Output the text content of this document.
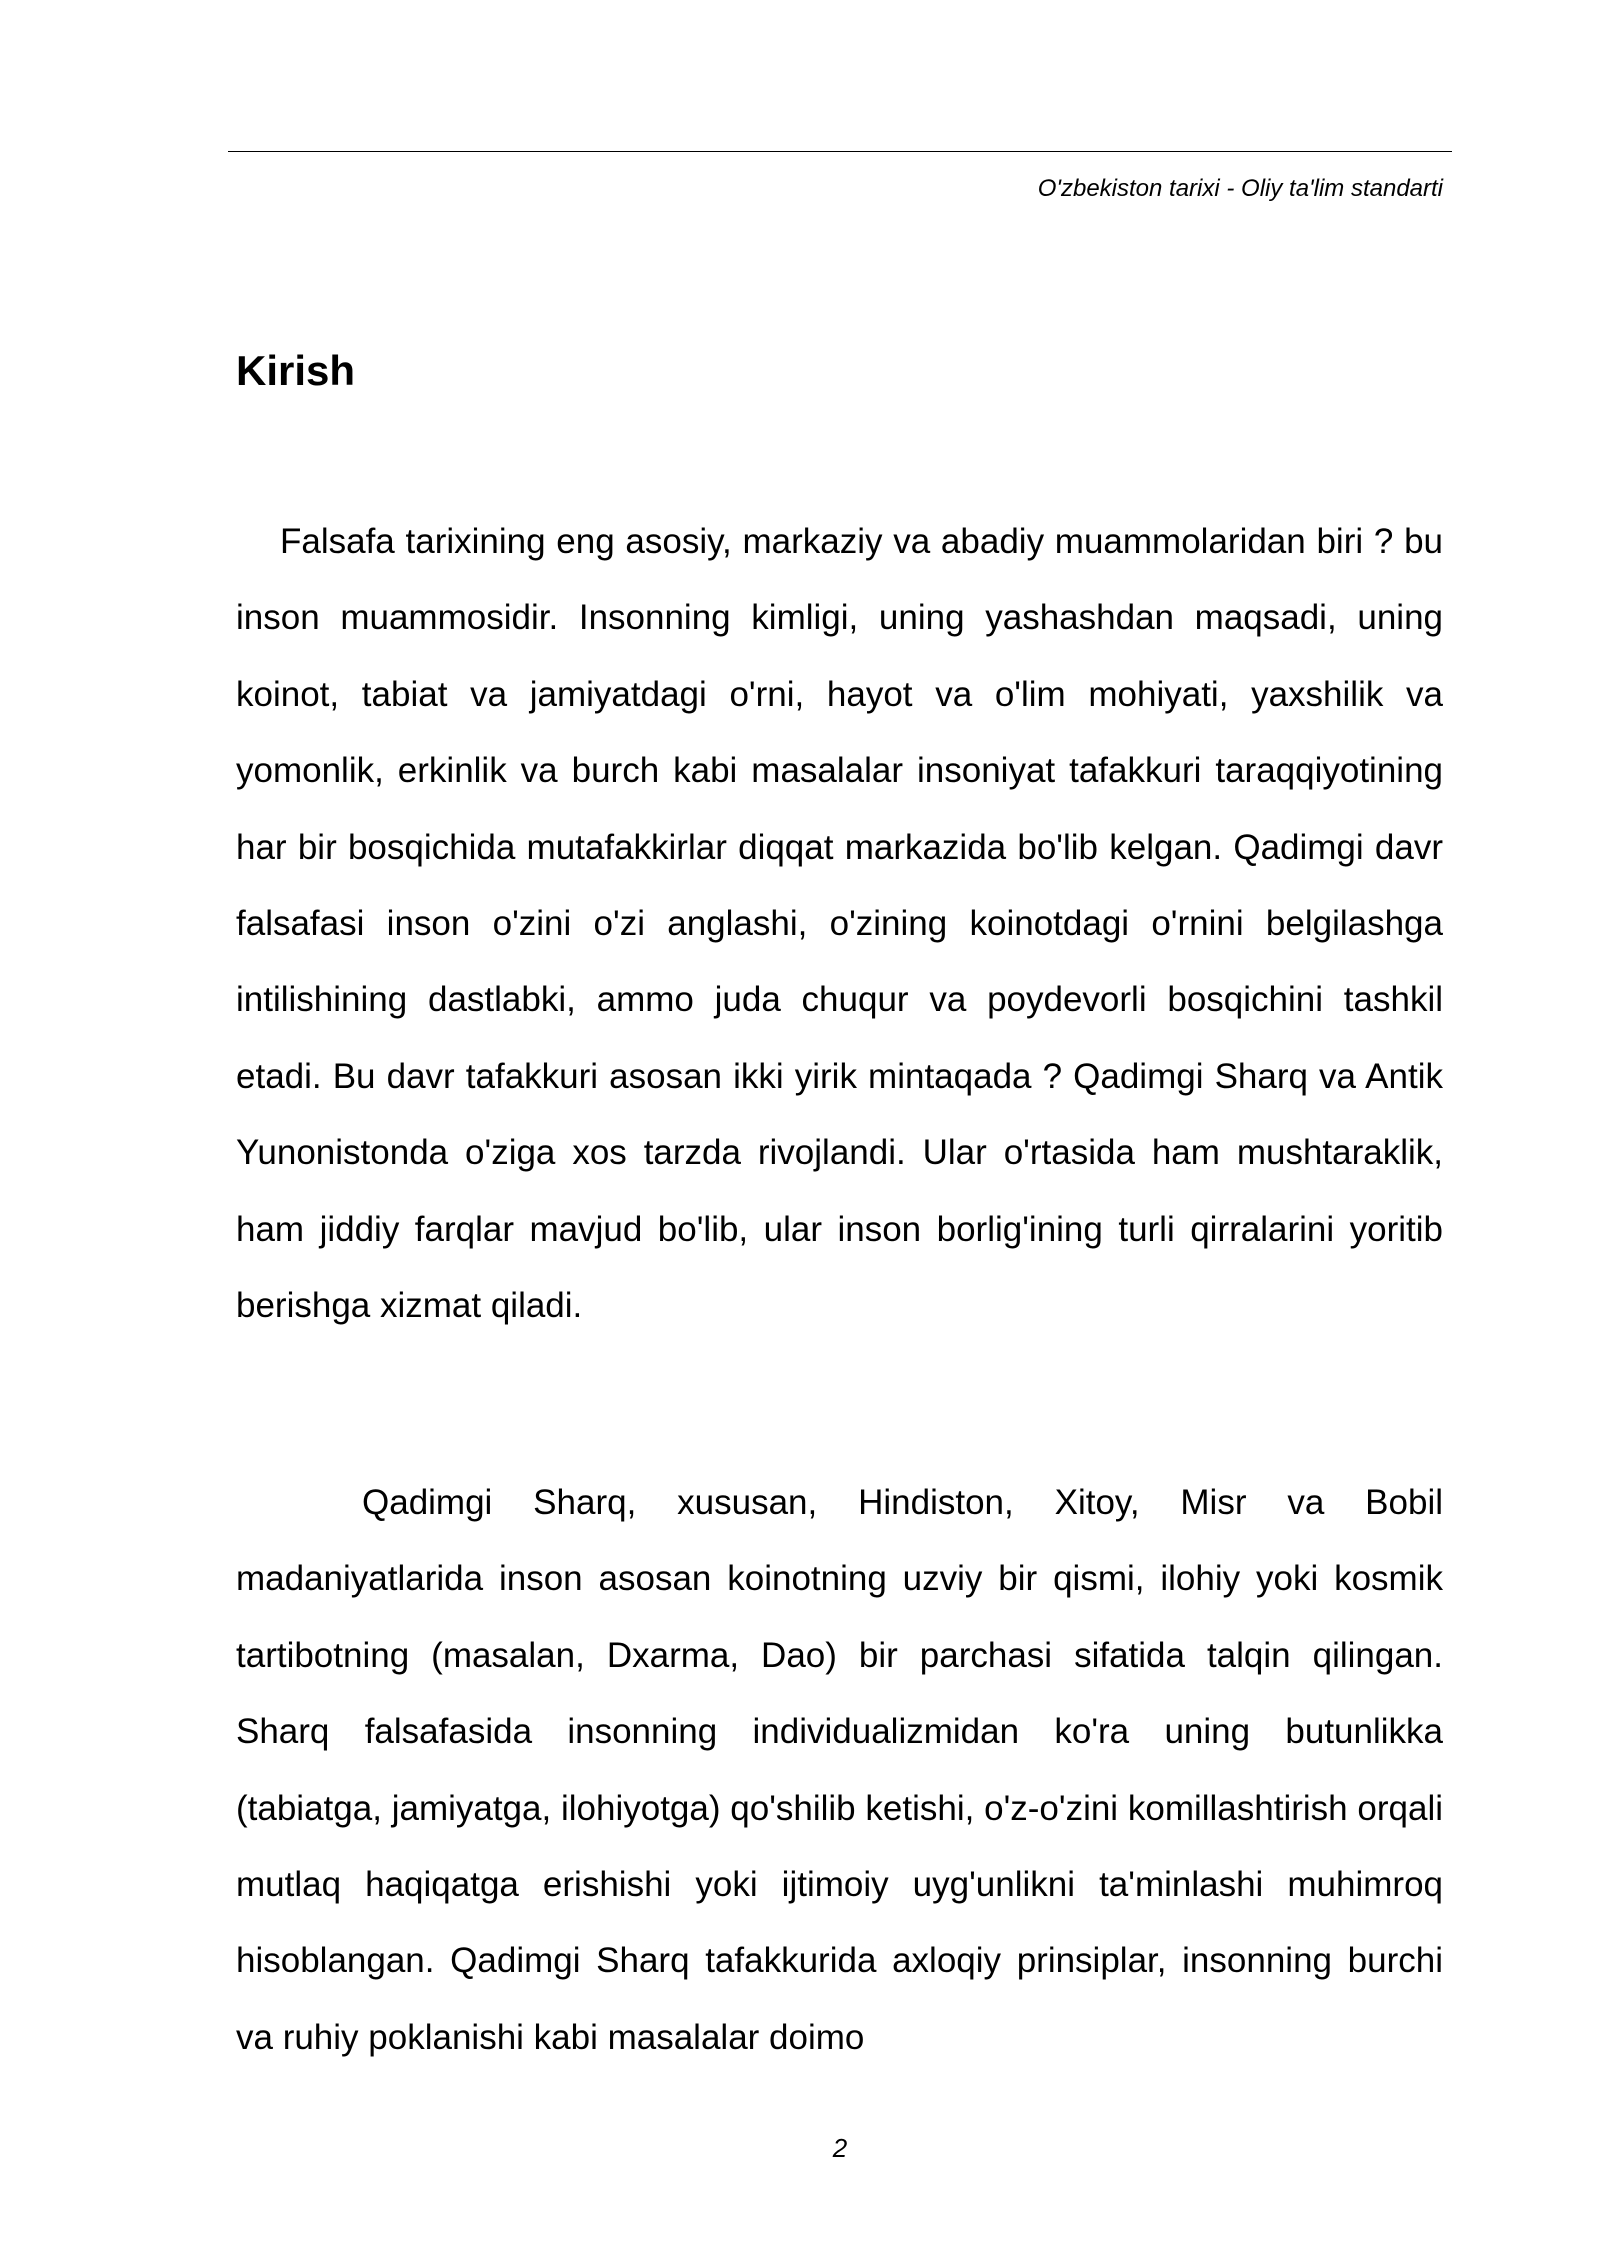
O'zbekiston tarixi - Oliy ta'lim standarti
Kirish

Falsafa tarixining eng asosiy, markaziy va abadiy muammolaridan biri ? bu inson muammosidir. Insonning kimligi, uning yashashdan maqsadi, uning koinot, tabiat va jamiyatdagi o'rni, hayot va o'lim mohiyati, yaxshilik va yomonlik, erkinlik va burch kabi masalalar insoniyat tafakkuri taraqqiyotining har bir bosqichida mutafakkirlar diqqat markazida bo'lib kelgan. Qadimgi davr falsafasi inson o'zini o'zi anglashi, o'zining koinotdagi o'rnini belgilashga intilishining dastlabki, ammo juda chuqur va poydevorli bosqichini tashkil etadi. Bu davr tafakkuri asosan ikki yirik mintaqada ? Qadimgi Sharq va Antik Yunonistonda o'ziga xos tarzda rivojlandi. Ular o'rtasida ham mushtaraklik, ham jiddiy farqlar mavjud bo'lib, ular inson borlig'ining turli qirralarini yoritib berishga xizmat qiladi.

Qadimgi Sharq, xususan, Hindiston, Xitoy, Misr va Bobil madaniyatlarida inson asosan koinotning uzviy bir qismi, ilohiy yoki kosmik tartibotning (masalan, Dxarma, Dao) bir parchasi sifatida talqin qilingan. Sharq falsafasida insonning individualizmidan ko'ra uning butunlikka (tabiatga, jamiyatga, ilohiyotga) qo'shilib ketishi, o'z-o'zini komillashtirish orqali mutlaq haqiqatga erishishi yoki ijtimoiy uyg'unlikni ta'minlashi muhimroq hisoblangan. Qadimgi Sharq tafakkurida axloqiy prinsiplar, insonning burchi va ruhiy poklanishi kabi masalalar doimo

2
